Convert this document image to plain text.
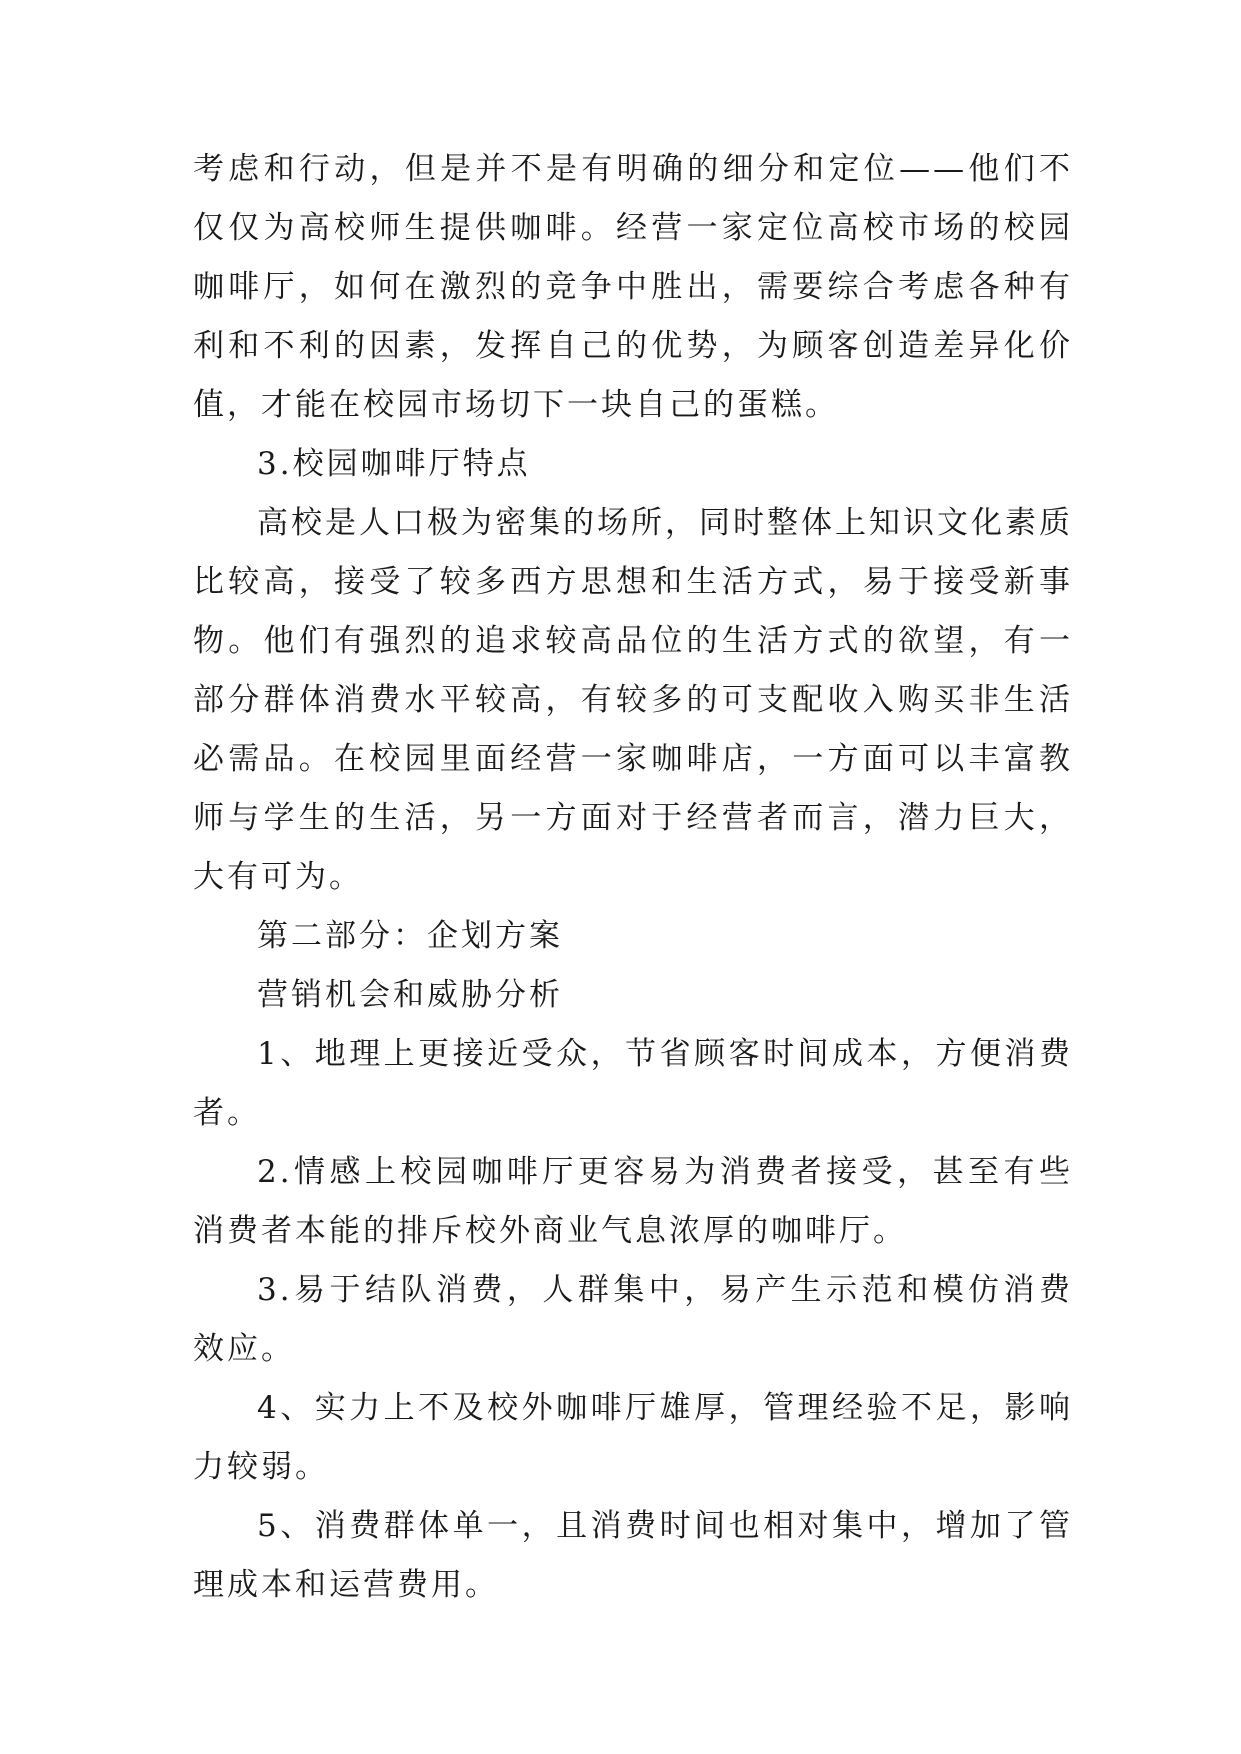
考虑和行动，但是并不是有明确的细分和定位——他们不仅仅为高校师生提供咖啡。经营一家定位高校市场的校园咖啡厅，如何在激烈的竞争中胜出，需要综合考虑各种有利和不利的因素，发挥自己的优势，为顾客创造差异化价值，才能在校园市场切下一块自己的蛋糕。

3.校园咖啡厅特点

高校是人口极为密集的场所，同时整体上知识文化素质比较高，接受了较多西方思想和生活方式，易于接受新事物。他们有强烈的追求较高品位的生活方式的欲望，有一部分群体消费水平较高，有较多的可支配收入购买非生活必需品。在校园里面经营一家咖啡店，一方面可以丰富教师与学生的生活，另一方面对于经营者而言，潜力巨大，大有可为。

第二部分：企划方案

营销机会和威胁分析

1、地理上更接近受众，节省顾客时间成本，方便消费者。

2.情感上校园咖啡厅更容易为消费者接受，甚至有些消费者本能的排斥校外商业气息浓厚的咖啡厅。

3.易于结队消费，人群集中，易产生示范和模仿消费效应。

4、实力上不及校外咖啡厅雄厚，管理经验不足，影响力较弱。

5、消费群体单一，且消费时间也相对集中，增加了管理成本和运营费用。
